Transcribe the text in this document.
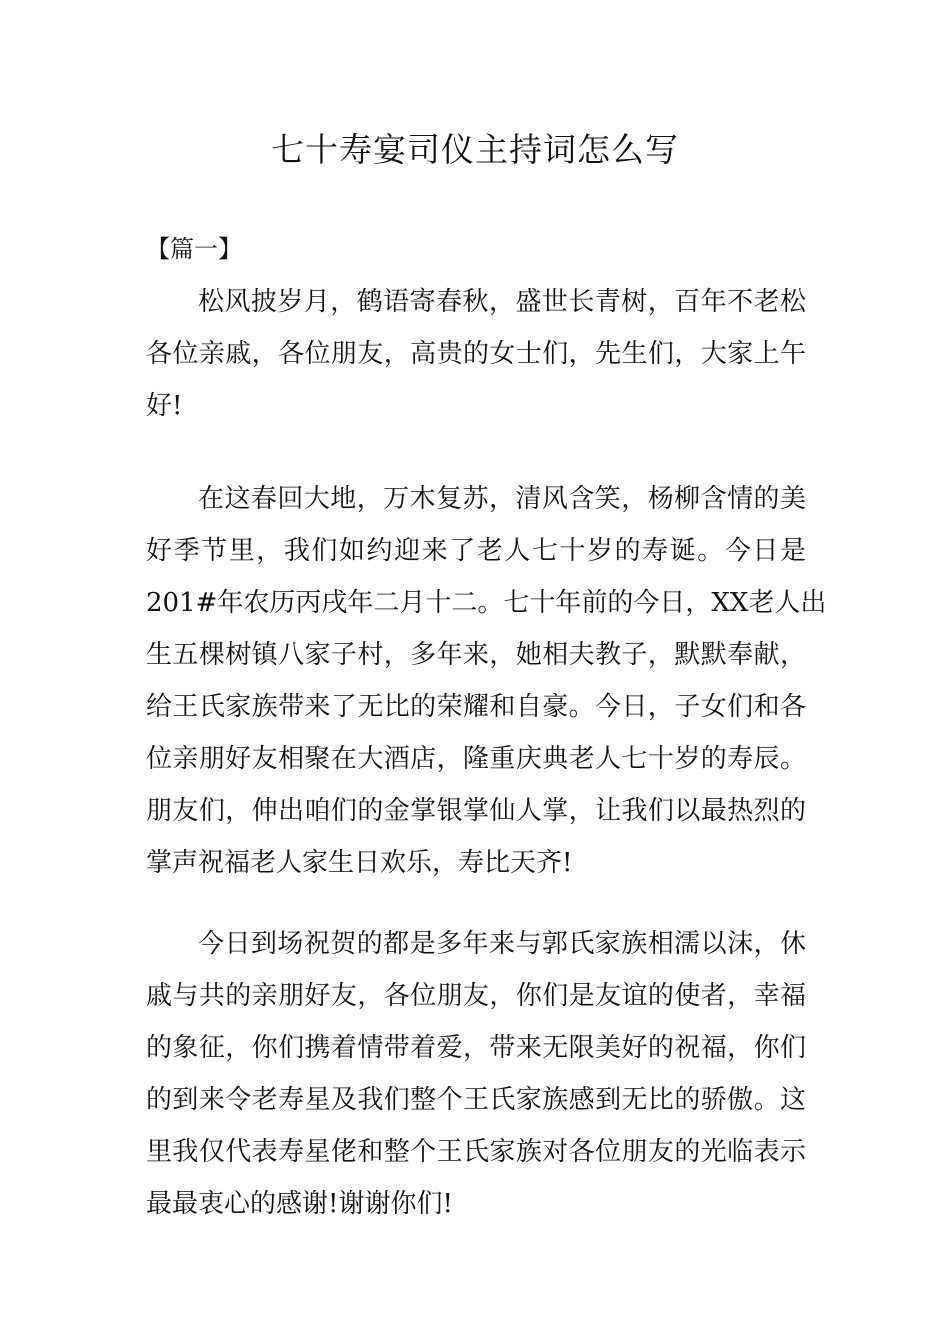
七十寿宴司仪主持词怎么写
【篇一】
松风披岁月，鹤语寄春秋，盛世长青树，百年不老松
各位亲戚，各位朋友，高贵的女士们，先生们，大家上午
好!
在这春回大地，万木复苏，清风含笑，杨柳含情的美
好季节里，我们如约迎来了老人七十岁的寿诞。今日是
201#年农历丙戌年二月十二。七十年前的今日，XX老人出
生五棵树镇八家子村，多年来，她相夫教子，默默奉献，
给王氏家族带来了无比的荣耀和自豪。今日，子女们和各
位亲朋好友相聚在大酒店，隆重庆典老人七十岁的寿辰。
朋友们，伸出咱们的金掌银掌仙人掌，让我们以最热烈的
掌声祝福老人家生日欢乐，寿比天齐!
今日到场祝贺的都是多年来与郭氏家族相濡以沫，休
戚与共的亲朋好友，各位朋友，你们是友谊的使者，幸福
的象征，你们携着情带着爱，带来无限美好的祝福，你们
的到来令老寿星及我们整个王氏家族感到无比的骄傲。这
里我仅代表寿星佬和整个王氏家族对各位朋友的光临表示
最最衷心的感谢!谢谢你们!
